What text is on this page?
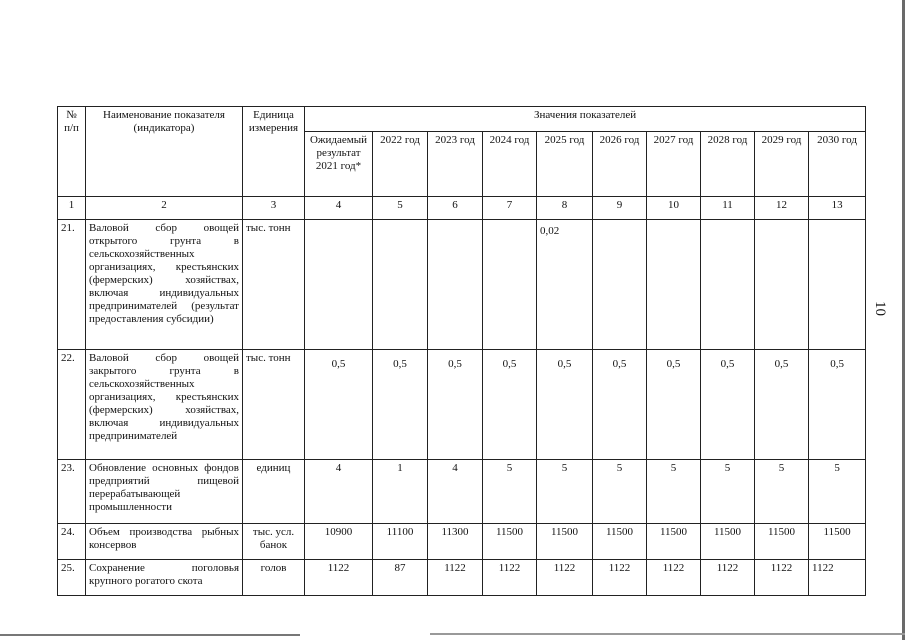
10
№ п/п	Наименование показателя (индикатора)	Единица измерения	Значения показателей									
			Ожидаемый результат 2021 год*	2022 год	2023 год	2024 год	2025 год	2026 год	2027 год	2028 год	2029 год	2030 год
1	2	3	4	5	6	7	8	9	10	11	12	13
21.	Валовой сбор овощей открытого грунта в сельскохозяйственных организациях, крестьянских (фермерских) хозяйствах, включая индивидуальных предпринимателей (результат предоставления субсидии)	тыс. тонн					0,02					
22.	Валовой сбор овощей закрытого грунта в сельскохозяйственных организациях, крестьянских (фермерских) хозяйствах, включая индивидуальных предпринимателей	тыс. тонн	0,5	0,5	0,5	0,5	0,5	0,5	0,5	0,5	0,5	0,5
23.	Обновление основных фондов предприятий пищевой перерабатывающей промышленности	единиц	4	1	4	5	5	5	5	5	5	5
24.	Объем производства рыбных консервов	тыс. усл. банок	10900	11100	11300	11500	11500	11500	11500	11500	11500	11500
25.	Сохранение поголовья крупного рогатого скота	голов	1122	87	1122	1122	1122	1122	1122	1122	1122	1122
